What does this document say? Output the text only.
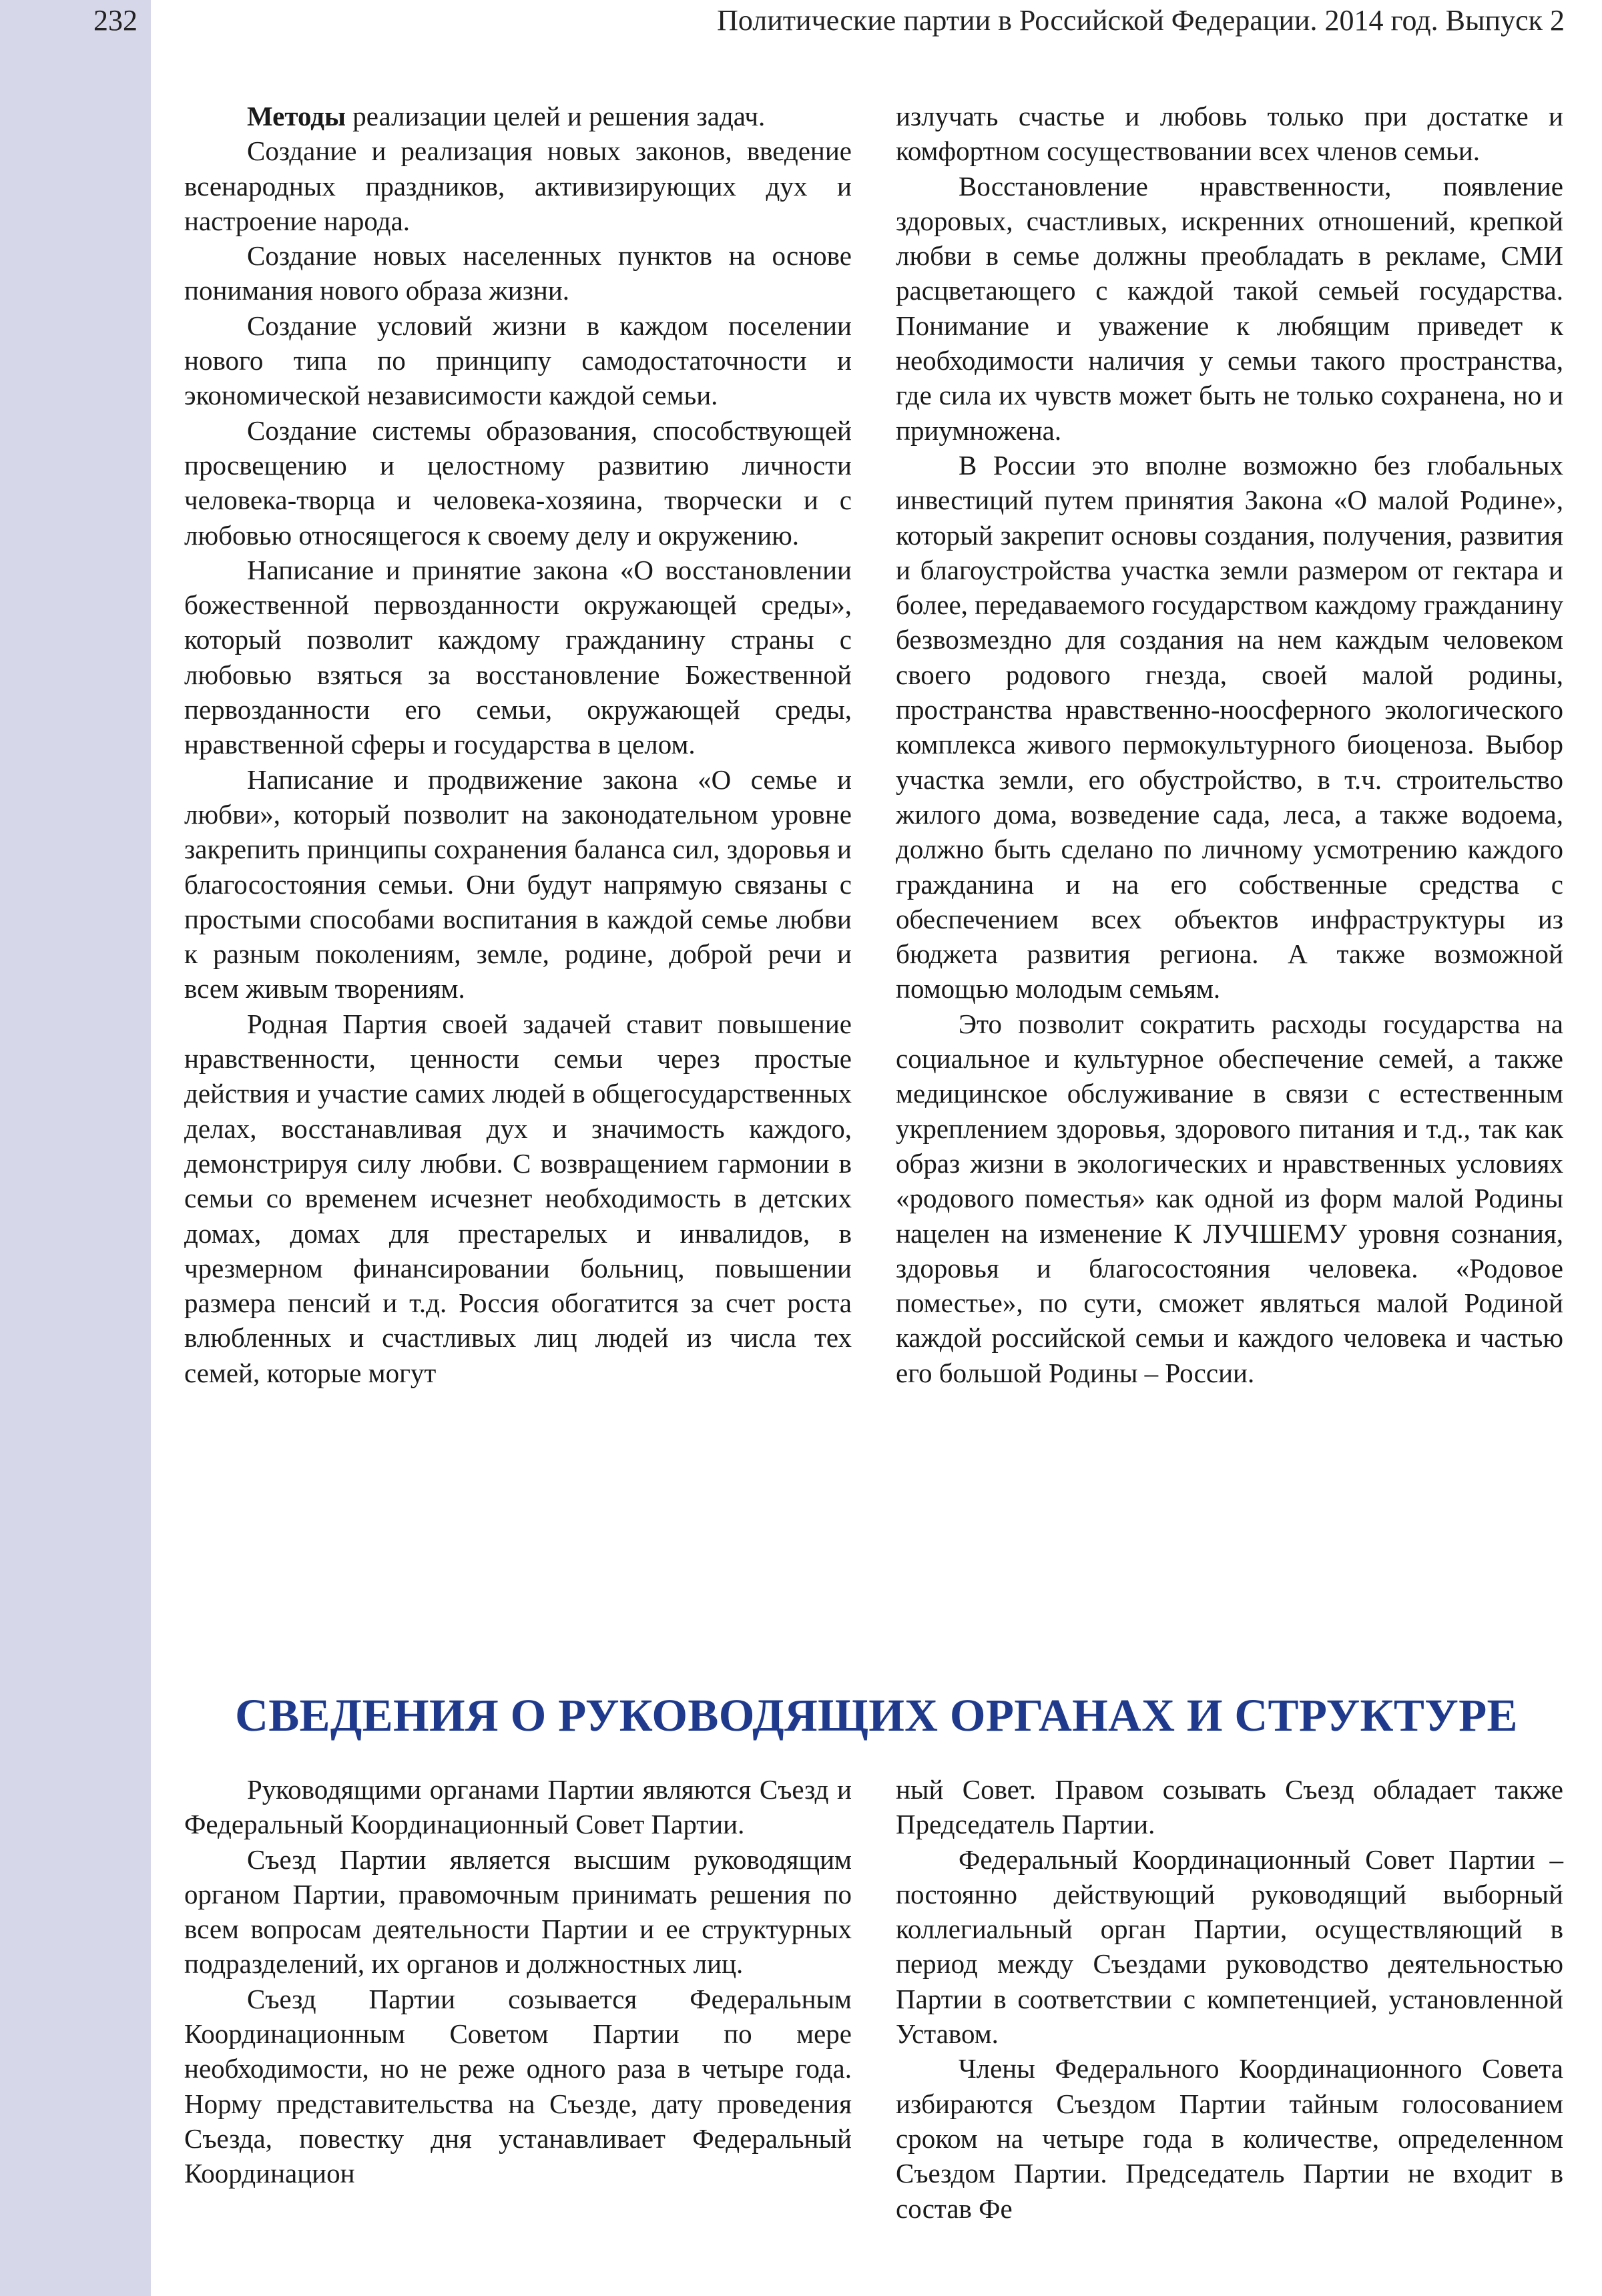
232	Политические партии в Российской Федерации. 2014 год. Выпуск 2

Методы реализации целей и решения задач.

Создание и реализация новых законов, введение всенародных праздников, активизирующих дух и настроение народа.

Создание новых населенных пунктов на основе понимания нового образа жизни.

Создание условий жизни в каждом поселении нового типа по принципу самодостаточности и экономической независимости каждой семьи.

Создание системы образования, способствующей просвещению и целостному развитию личности человека-творца и человека-хозяина, творчески и с любовью относящегося к своему делу и окружению.

Написание и принятие закона «О восстановлении божественной первозданности окружающей среды», который позволит каждому гражданину страны с любовью взяться за восстановление Божественной первозданности его семьи, окружающей среды, нравственной сферы и государства в целом.

Написание и продвижение закона «О семье и любви», который позволит на законодательном уровне закрепить принципы сохранения баланса сил, здоровья и благосостояния семьи. Они будут напрямую связаны с простыми способами воспитания в каждой семье любви к разным поколениям, земле, родине, доброй речи и всем живым творениям.

Родная Партия своей задачей ставит повышение нравственности, ценности семьи через простые действия и участие самих людей в общегосударственных делах, восстанавливая дух и значимость каждого, демонстрируя силу любви. С возвращением гармонии в семьи со временем исчезнет необходимость в детских домах, домах для престарелых и инвалидов, в чрезмерном финансировании больниц, повышении размера пенсий и т.д. Россия обогатится за счет роста влюбленных и счастливых лиц людей из числа тех семей, которые могут

излучать счастье и любовь только при достатке и комфортном сосуществовании всех членов семьи.

Восстановление нравственности, появление здоровых, счастливых, искренних отношений, крепкой любви в семье должны преобладать в рекламе, СМИ расцветающего с каждой такой семьей государства. Понимание и уважение к любящим приведет к необходимости наличия у семьи такого пространства, где сила их чувств может быть не только сохранена, но и приумножена.

В России это вполне возможно без глобальных инвестиций путем принятия Закона «О малой Родине», который закрепит основы создания, получения, развития и благоустройства участка земли размером от гектара и более, передаваемого государством каждому гражданину безвозмездно для создания на нем каждым человеком своего родового гнезда, своей малой родины, пространства нравственно-ноосферного экологического комплекса живого пермокультурного биоценоза. Выбор участка земли, его обустройство, в т.ч. строительство жилого дома, возведение сада, леса, а также водоема, должно быть сделано по личному усмотрению каждого гражданина и на его собственные средства с обеспечением всех объектов инфраструктуры из бюджета развития региона. А также возможной помощью молодым семьям.

Это позволит сократить расходы государства на социальное и культурное обеспечение семей, а также медицинское обслуживание в связи с естественным укреплением здоровья, здорового питания и т.д., так как образ жизни в экологических и нравственных условиях «родового поместья» как одной из форм малой Родины нацелен на изменение К ЛУЧШЕМУ уровня сознания, здоровья и благосостояния человека. «Родовое поместье», по сути, сможет являться малой Родиной каждой российской семьи и каждого человека и частью его большой Родины – России.

СВЕДЕНИЯ О РУКОВОДЯЩИХ ОРГАНАХ И СТРУКТУРЕ

Руководящими органами Партии являются Съезд и Федеральный Координационный Совет Партии.

Съезд Партии является высшим руководящим органом Партии, правомочным принимать решения по всем вопросам деятельности Партии и ее структурных подразделений, их органов и должностных лиц.

Съезд Партии созывается Федеральным Координационным Советом Партии по мере необходимости, но не реже одного раза в четыре года. Норму представительства на Съезде, дату проведения Съезда, повестку дня устанавливает Федеральный Координацион

ный Совет. Правом созывать Съезд обладает также Председатель Партии.

Федеральный Координационный Совет Партии – постоянно действующий руководящий выборный коллегиальный орган Партии, осуществляющий в период между Съездами руководство деятельностью Партии в соответствии с компетенцией, установленной Уставом.

Члены Федерального Координационного Совета избираются Съездом Партии тайным голосованием сроком на четыре года в количестве, определенном Съездом Партии. Председатель Партии не входит в состав Фе
